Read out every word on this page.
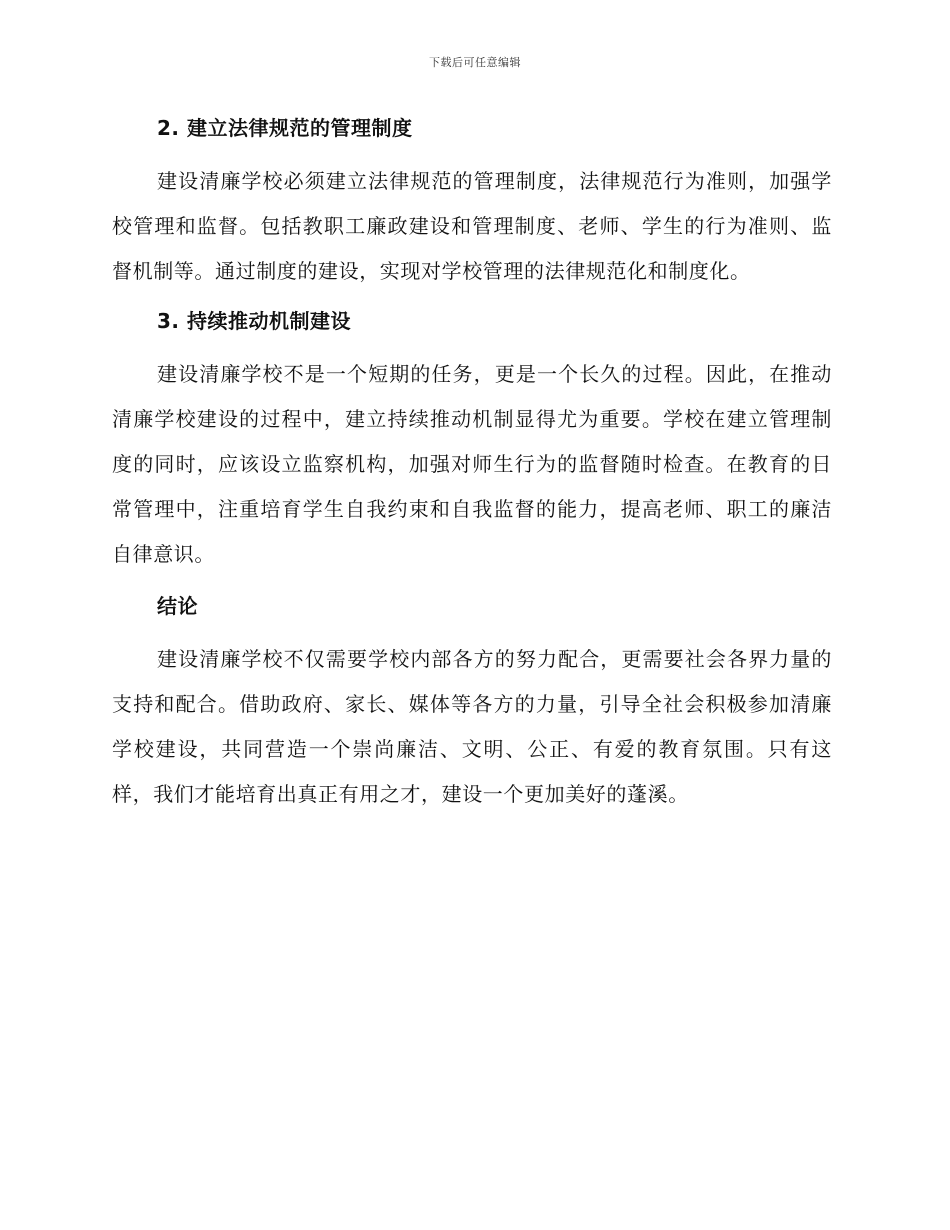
下载后可任意编辑
2. 建立法律规范的管理制度

建设清廉学校必须建立法律规范的管理制度，法律规范行为准则，加强学校管理和监督。包括教职工廉政建设和管理制度、老师、学生的行为准则、监督机制等。通过制度的建设，实现对学校管理的法律规范化和制度化。

3. 持续推动机制建设

建设清廉学校不是一个短期的任务，更是一个长久的过程。因此，在推动清廉学校建设的过程中，建立持续推动机制显得尤为重要。学校在建立管理制度的同时，应该设立监察机构，加强对师生行为的监督随时检查。在教育的日常管理中，注重培育学生自我约束和自我监督的能力，提高老师、职工的廉洁自律意识。

结论

建设清廉学校不仅需要学校内部各方的努力配合，更需要社会各界力量的支持和配合。借助政府、家长、媒体等各方的力量，引导全社会积极参加清廉学校建设，共同营造一个崇尚廉洁、文明、公正、有爱的教育氛围。只有这样，我们才能培育出真正有用之才，建设一个更加美好的蓬溪。
